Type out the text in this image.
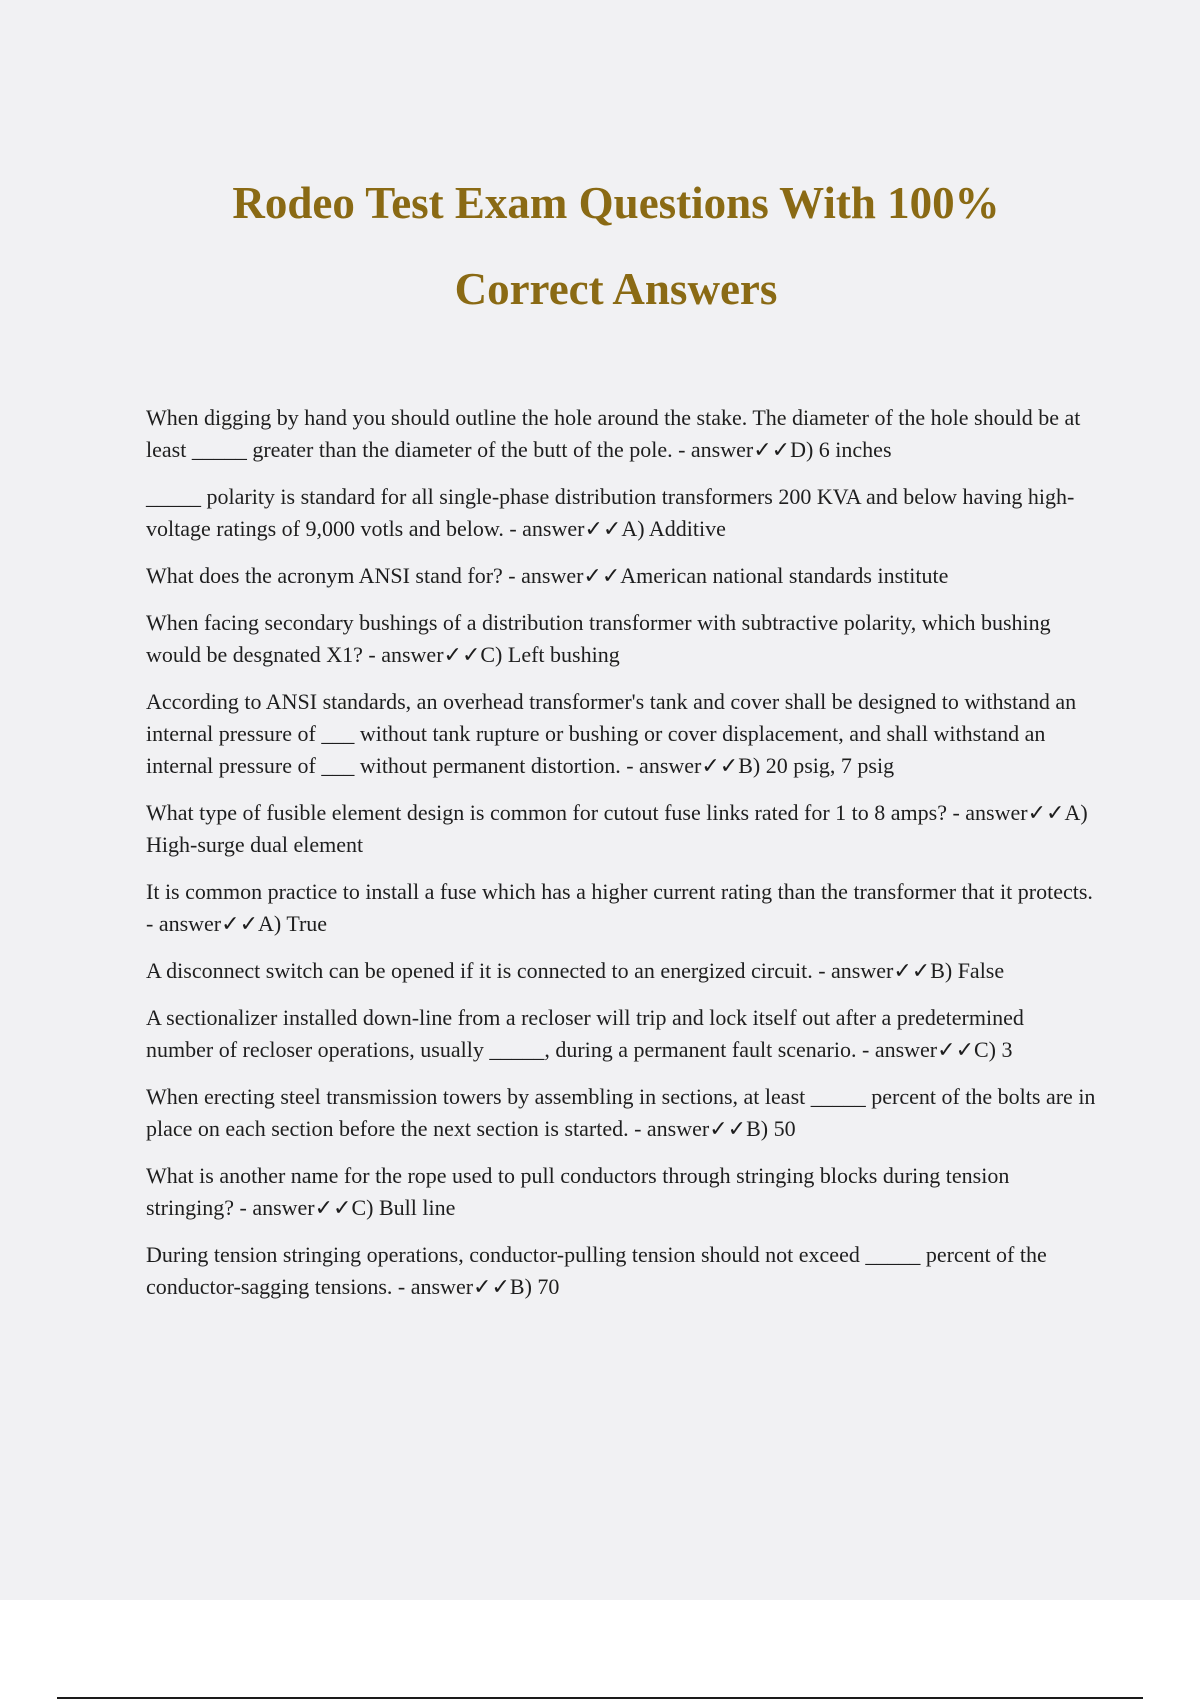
Rodeo Test Exam Questions With 100%
Correct Answers

When digging by hand you should outline the hole around the stake. The diameter of the hole should be at least _____ greater than the diameter of the butt of the pole. - answer✓✓D) 6 inches

_____ polarity is standard for all single-phase distribution transformers 200 KVA and below having high-voltage ratings of 9,000 votls and below. - answer✓✓A) Additive

What does the acronym ANSI stand for? - answer✓✓American national standards institute

When facing secondary bushings of a distribution transformer with subtractive polarity, which bushing would be desgnated X1? - answer✓✓C) Left bushing

According to ANSI standards, an overhead transformer's tank and cover shall be designed to withstand an internal pressure of ___ without tank rupture or bushing or cover displacement, and shall withstand an internal pressure of ___ without permanent distortion. - answer✓✓B) 20 psig, 7 psig

What type of fusible element design is common for cutout fuse links rated for 1 to 8 amps? - answer✓✓A) High-surge dual element

It is common practice to install a fuse which has a higher current rating than the transformer that it protects. - answer✓✓A) True

A disconnect switch can be opened if it is connected to an energized circuit. - answer✓✓B) False

A sectionalizer installed down-line from a recloser will trip and lock itself out after a predetermined number of recloser operations, usually _____, during a permanent fault scenario. - answer✓✓C) 3

When erecting steel transmission towers by assembling in sections, at least _____ percent of the bolts are in place on each section before the next section is started. - answer✓✓B) 50

What is another name for the rope used to pull conductors through stringing blocks during tension stringing? - answer✓✓C) Bull line

During tension stringing operations, conductor-pulling tension should not exceed _____ percent of the conductor-sagging tensions. - answer✓✓B) 70
